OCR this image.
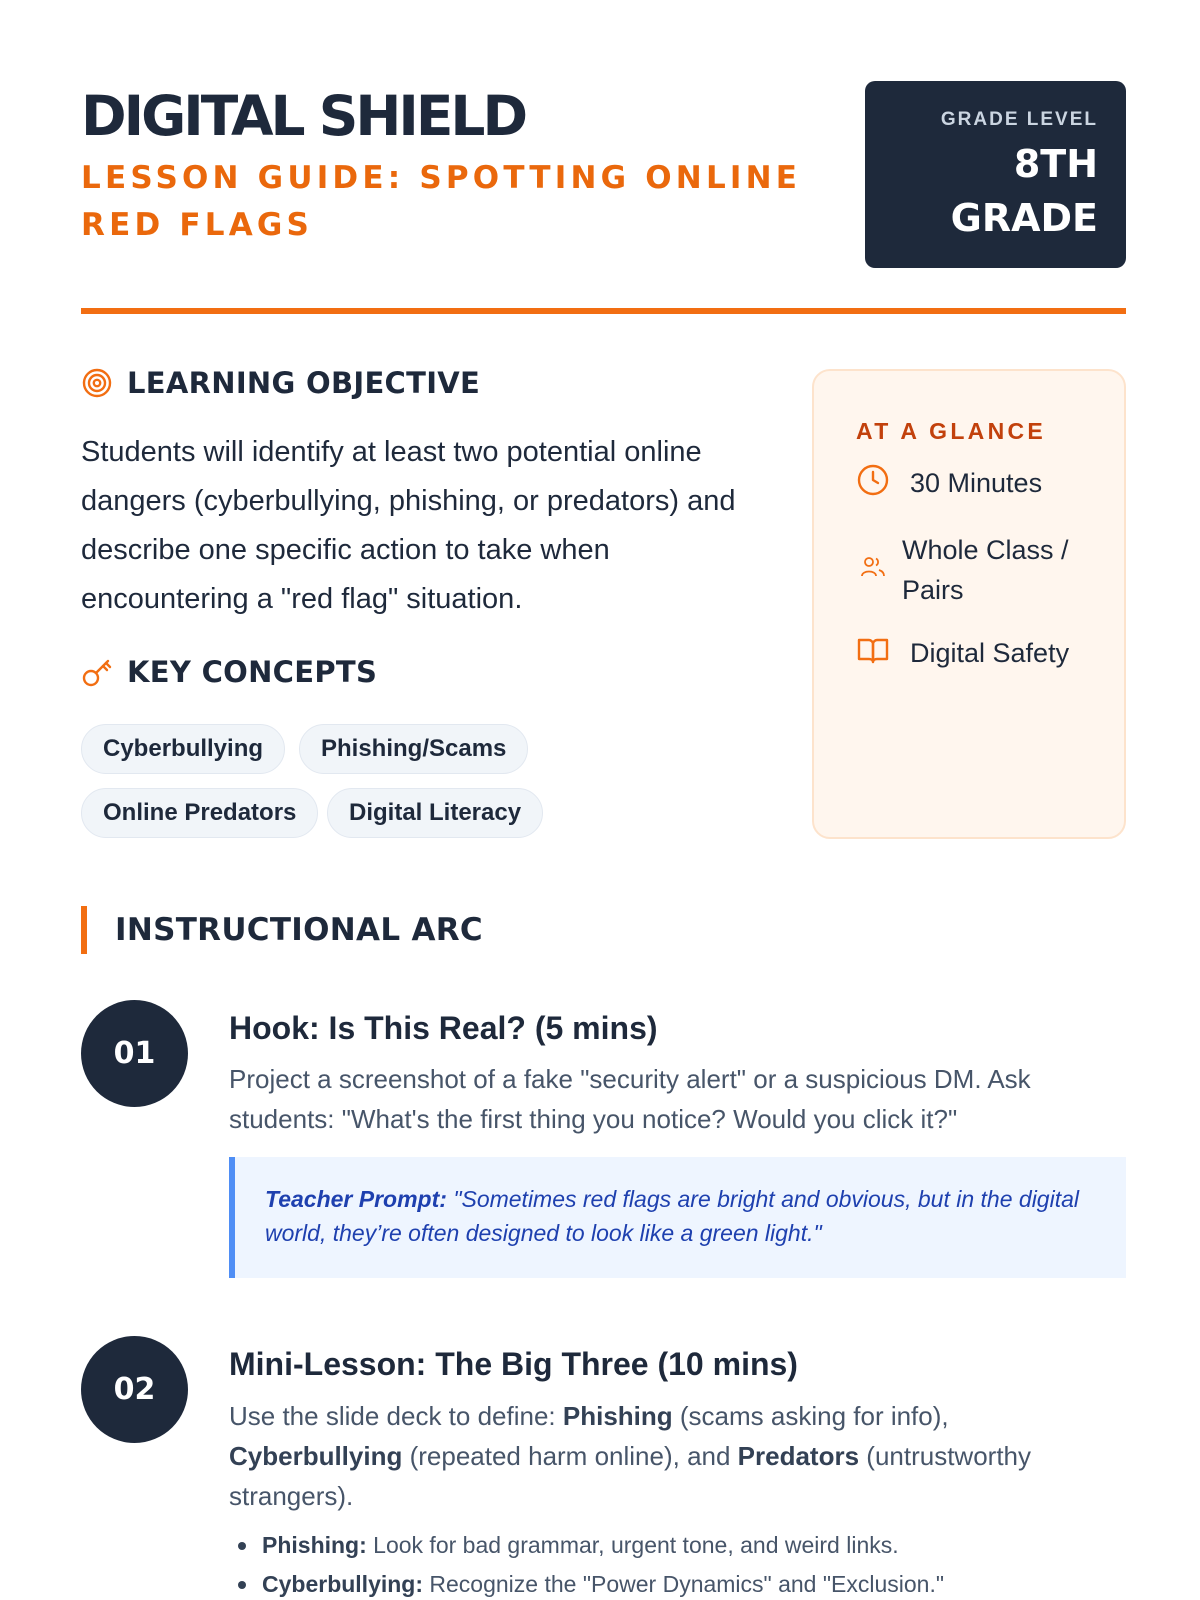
DIGITAL SHIELD
LESSON GUIDE: SPOTTING ONLINE RED FLAGS
GRADE LEVEL
8TH
GRADE
LEARNING OBJECTIVE

Students will identify at least two potential online dangers (cyberbullying, phishing, or predators) and describe one specific action to take when encountering a "red flag" situation.

KEY CONCEPTS
Cyberbullying	Phishing/Scams
Online Predators	Digital Literacy
AT A GLANCE
30 Minutes
Whole Class / Pairs
Digital Safety
INSTRUCTIONAL ARC
01
Hook: Is This Real? (5 mins)

Project a screenshot of a fake "security alert" or a suspicious DM. Ask students: "What's the first thing you notice? Would you click it?"

Teacher Prompt: "Sometimes red flags are bright and obvious, but in the digital world, they’re often designed to look like a green light."
02
Mini-Lesson: The Big Three (10 mins)

Use the slide deck to define: Phishing (scams asking for info), Cyberbullying (repeated harm online), and Predators (untrustworthy strangers).

Phishing: Look for bad grammar, urgent tone, and weird links.
Cyberbullying: Recognize the "Power Dynamics" and "Exclusion."
